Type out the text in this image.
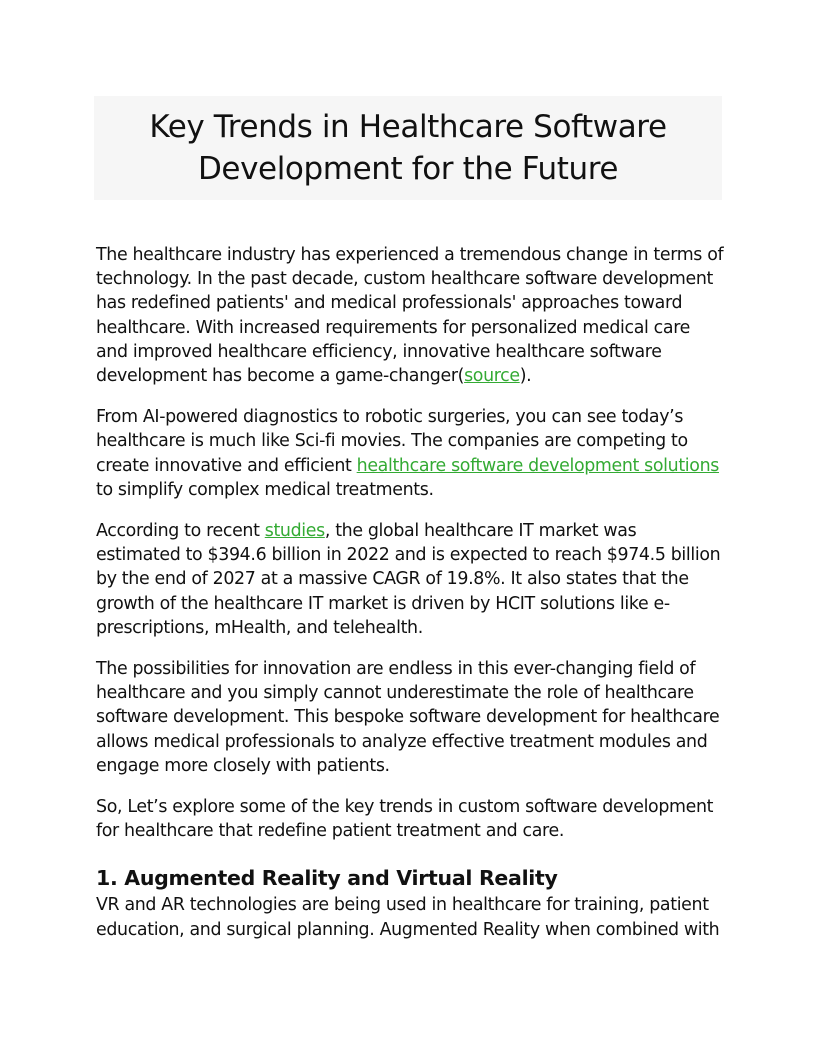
Key Trends in Healthcare Software Development for the Future

The healthcare industry has experienced a tremendous change in terms of technology. In the past decade, custom healthcare software development has redefined patients' and medical professionals' approaches toward healthcare. With increased requirements for personalized medical care and improved healthcare efficiency, innovative healthcare software development has become a game-changer(source).

From AI-powered diagnostics to robotic surgeries, you can see today’s healthcare is much like Sci-fi movies. The companies are competing to create innovative and efficient healthcare software development solutions to simplify complex medical treatments.

According to recent studies, the global healthcare IT market was estimated to $394.6 billion in 2022 and is expected to reach $974.5 billion by the end of 2027 at a massive CAGR of 19.8%. It also states that the growth of the healthcare IT market is driven by HCIT solutions like e-prescriptions, mHealth, and telehealth.

The possibilities for innovation are endless in this ever-changing field of healthcare and you simply cannot underestimate the role of healthcare software development. This bespoke software development for healthcare allows medical professionals to analyze effective treatment modules and engage more closely with patients.

So, Let’s explore some of the key trends in custom software development for healthcare that redefine patient treatment and care.

1. Augmented Reality and Virtual Reality

VR and AR technologies are being used in healthcare for training, patient education, and surgical planning. Augmented Reality when combined with
